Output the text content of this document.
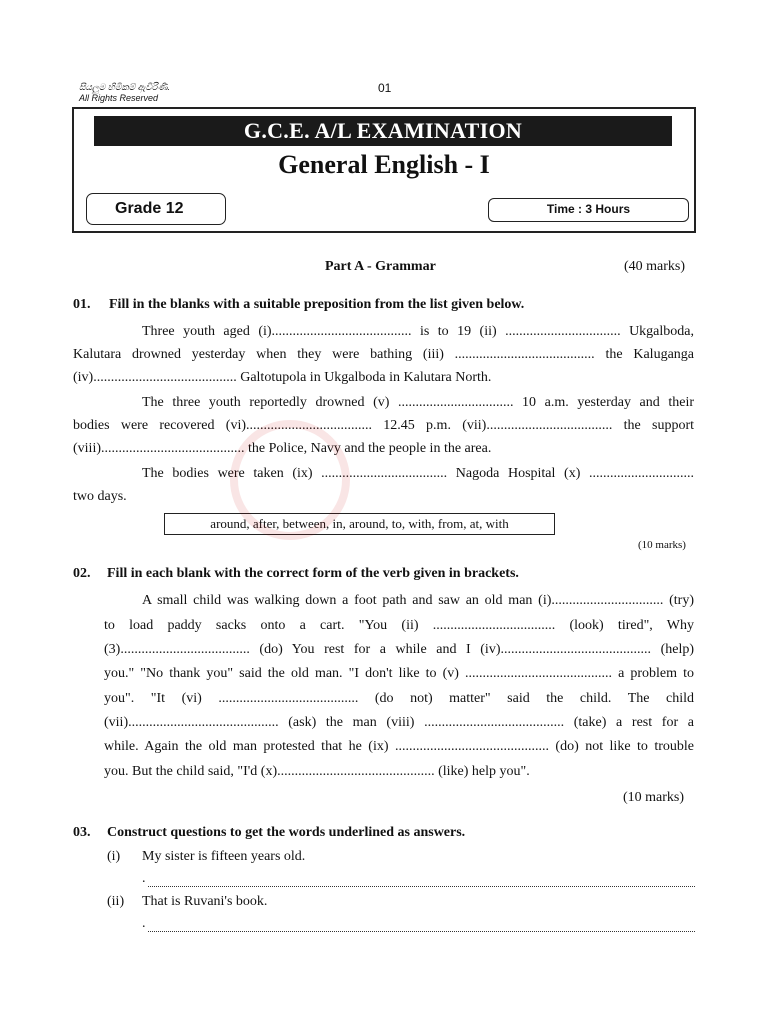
සියලුම හිමිකම් ඇවිරිණි.
All Rights Reserved
01
G.C.E. A/L EXAMINATION
General English - I
Grade 12	Time : 3 Hours
Part A - Grammar	(40 marks)
01. Fill in the blanks with a suitable preposition from the list given below.
Three youth aged (i)........................................ is to 19 (ii) ................................. Ukgalboda,
Kalutara drowned yesterday when they were bathing (iii) ........................................ the Kaluganga
(iv)......................................... Galtotupola in Ukgalboda in Kalutara North.
The three youth reportedly drowned (v) ................................. 10 a.m. yesterday and their
bodies were recovered (vi).................................... 12.45 p.m. (vii).................................... the support
(viii)......................................... the Police, Navy and the people in the area.
The bodies were taken (ix) .................................... Nagoda Hospital (x) ..............................
two days.
around, after, between, in, around, to, with, from, at, with
(10 marks)
02. Fill in each blank with the correct form of the verb given in brackets.
A small child was walking down a foot path and saw an old man (i)................................ (try)
to load paddy sacks onto a cart. "You (ii) ................................... (look) tired", Why
(3)..................................... (do) You rest for a while and I (iv)........................................... (help)
you." "No thank you" said the old man. "I don't like to (v) .......................................... a problem to
you". "It (vi) ........................................ (do not) matter" said the child. The child
(vii)........................................... (ask) the man (viii) ........................................ (take) a rest for a
while. Again the old man protested that he (ix) ............................................ (do) not like to trouble
you. But the child said, "I'd (x)............................................. (like) help you".
(10 marks)
03. Construct questions to get the words underlined as answers.
(i) My sister is fifteen years old.
.
(ii) That is Ruvani's book.
.
